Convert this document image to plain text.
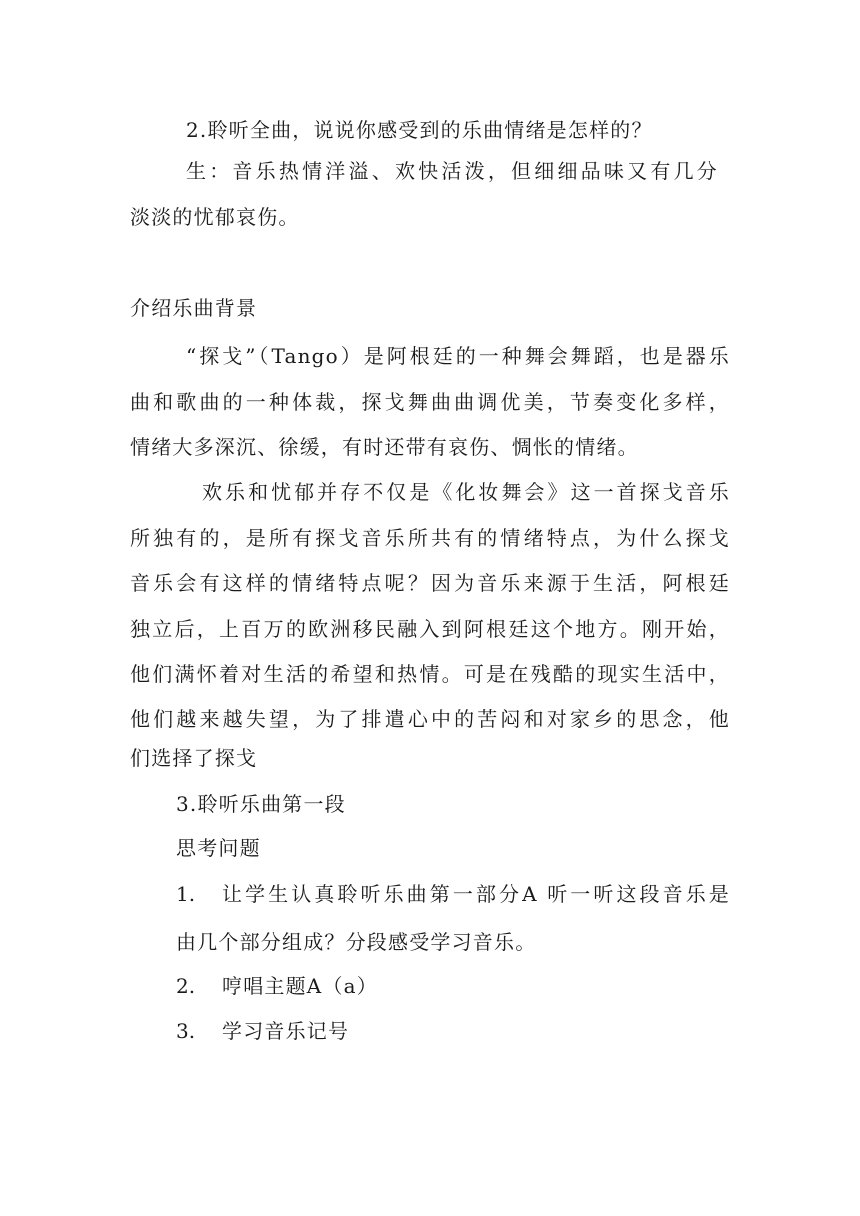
2.聆听全曲，说说你感受到的乐曲情绪是怎样的？
生：音乐热情洋溢、欢快活泼，但细细品味又有几分
淡淡的忧郁哀伤。
介绍乐曲背景
“探戈”（Tango）是阿根廷的一种舞会舞蹈，也是器乐
曲和歌曲的一种体裁，探戈舞曲曲调优美，节奏变化多样，
情绪大多深沉、徐缓，有时还带有哀伤、惆怅的情绪。
欢乐和忧郁并存不仅是《化妆舞会》这一首探戈音乐
所独有的，是所有探戈音乐所共有的情绪特点，为什么探戈
音乐会有这样的情绪特点呢？因为音乐来源于生活，阿根廷
独立后，上百万的欧洲移民融入到阿根廷这个地方。刚开始，
他们满怀着对生活的希望和热情。可是在残酷的现实生活中，
他们越来越失望，为了排遣心中的苦闷和对家乡的思念，他
们选择了探戈
3.聆听乐曲第一段
思考问题
1. 让学生认真聆听乐曲第一部分A 听一听这段音乐是
由几个部分组成？分段感受学习音乐。
2. 哼唱主题A（a）
3. 学习音乐记号
